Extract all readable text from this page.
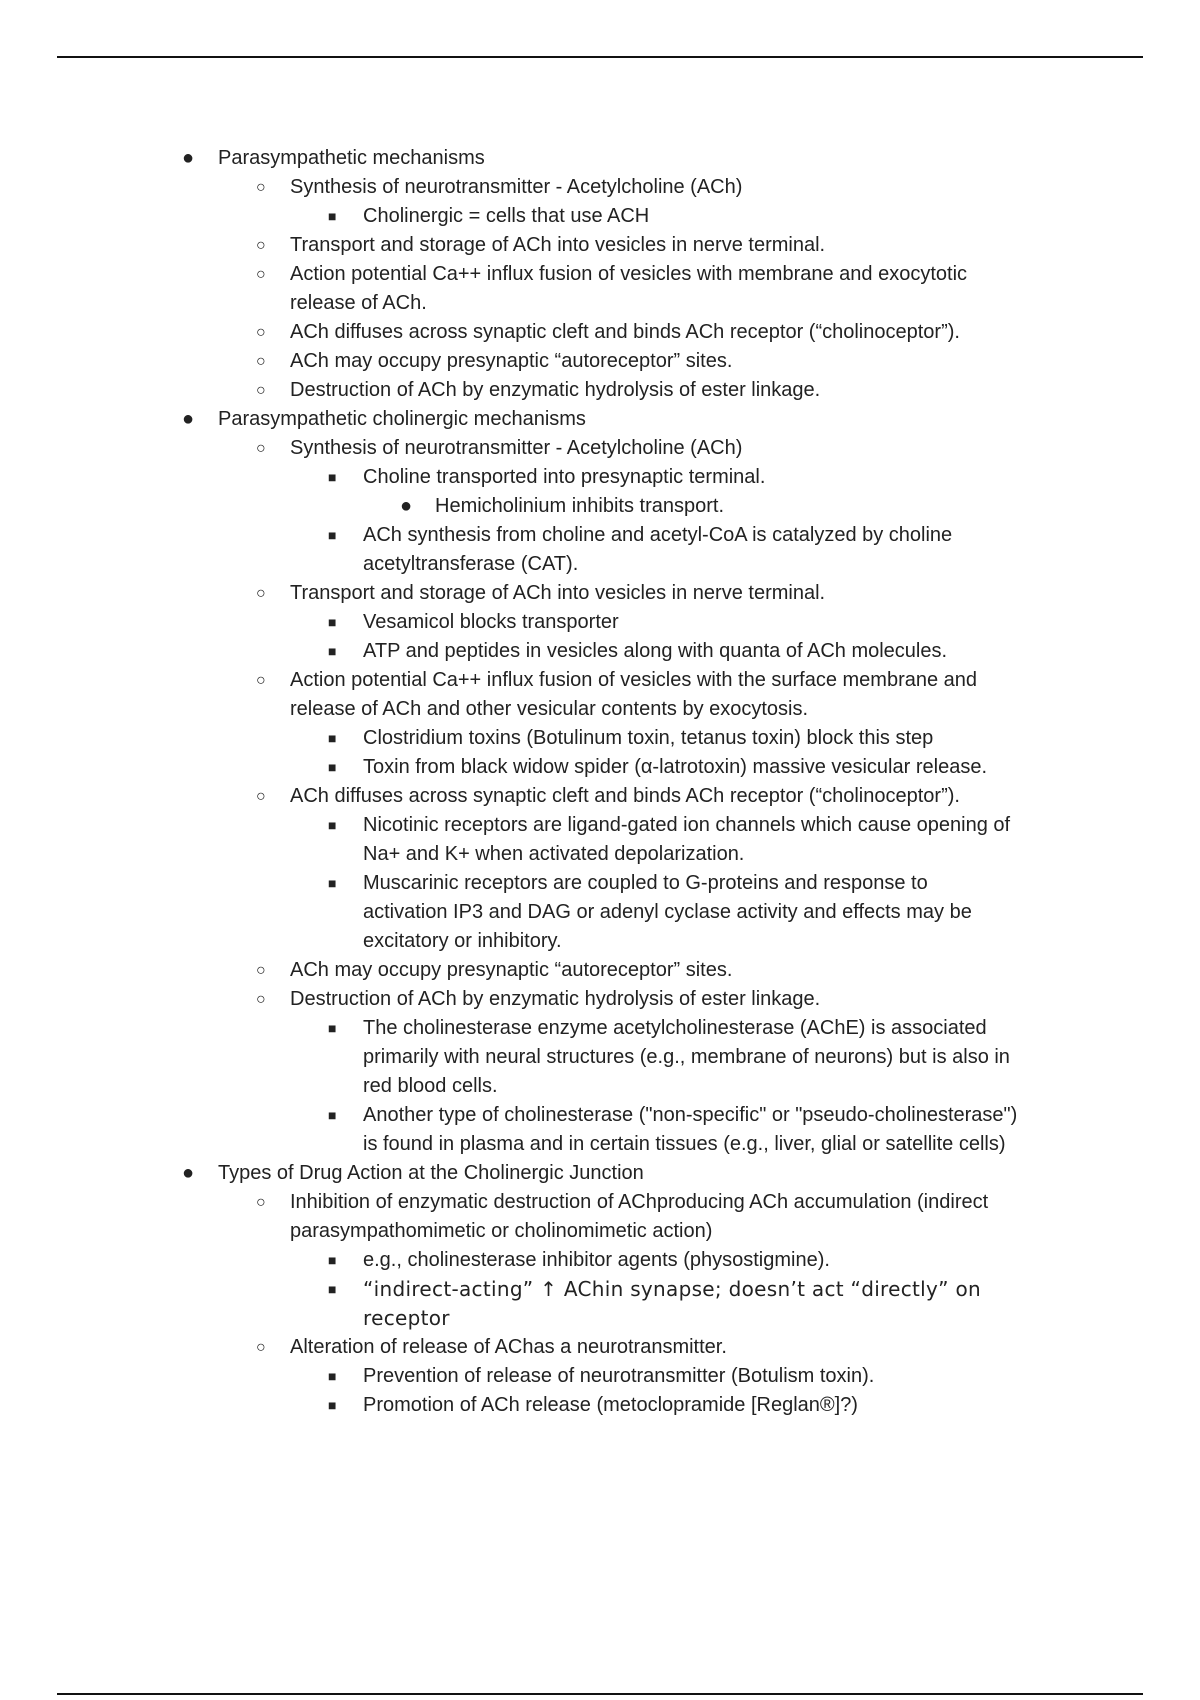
● Parasympathetic mechanisms
○ Synthesis of neurotransmitter - Acetylcholine (ACh)
■ Cholinergic = cells that use ACH
○ Transport and storage of ACh into vesicles in nerve terminal.
○ Action potential Ca++ influx fusion of vesicles with membrane and exocytotic
release of ACh.
○ ACh diffuses across synaptic cleft and binds ACh receptor (“cholinoceptor”).
○ ACh may occupy presynaptic “autoreceptor” sites.
○ Destruction of ACh by enzymatic hydrolysis of ester linkage.
● Parasympathetic cholinergic mechanisms
○ Synthesis of neurotransmitter - Acetylcholine (ACh)
■ Choline transported into presynaptic terminal.
● Hemicholinium inhibits transport.
■ ACh synthesis from choline and acetyl-CoA is catalyzed by choline
acetyltransferase (CAT).
○ Transport and storage of ACh into vesicles in nerve terminal.
■ Vesamicol blocks transporter
■ ATP and peptides in vesicles along with quanta of ACh molecules.
○ Action potential Ca++ influx fusion of vesicles with the surface membrane and
release of ACh and other vesicular contents by exocytosis.
■ Clostridium toxins (Botulinum toxin, tetanus toxin) block this step
■ Toxin from black widow spider (α-latrotoxin) massive vesicular release.
○ ACh diffuses across synaptic cleft and binds ACh receptor (“cholinoceptor”).
■ Nicotinic receptors are ligand-gated ion channels which cause opening of
Na+ and K+ when activated depolarization.
■ Muscarinic receptors are coupled to G-proteins and response to
activation IP3 and DAG or adenyl cyclase activity and effects may be
excitatory or inhibitory.
○ ACh may occupy presynaptic “autoreceptor” sites.
○ Destruction of ACh by enzymatic hydrolysis of ester linkage.
■ The cholinesterase enzyme acetylcholinesterase (AChE) is associated
primarily with neural structures (e.g., membrane of neurons) but is also in
red blood cells.
■ Another type of cholinesterase ("non-specific" or "pseudo-cholinesterase")
is found in plasma and in certain tissues (e.g., liver, glial or satellite cells)
● Types of Drug Action at the Cholinergic Junction
○ Inhibition of enzymatic destruction of AChproducing ACh accumulation (indirect
parasympathomimetic or cholinomimetic action)
■ e.g., cholinesterase inhibitor agents (physostigmine).
■ “indirect-acting” ↑ AChin synapse; doesn’t act “directly” on
receptor
○ Alteration of release of AChas a neurotransmitter.
■ Prevention of release of neurotransmitter (Botulism toxin).
■ Promotion of ACh release (metoclopramide [Reglan®]?)
